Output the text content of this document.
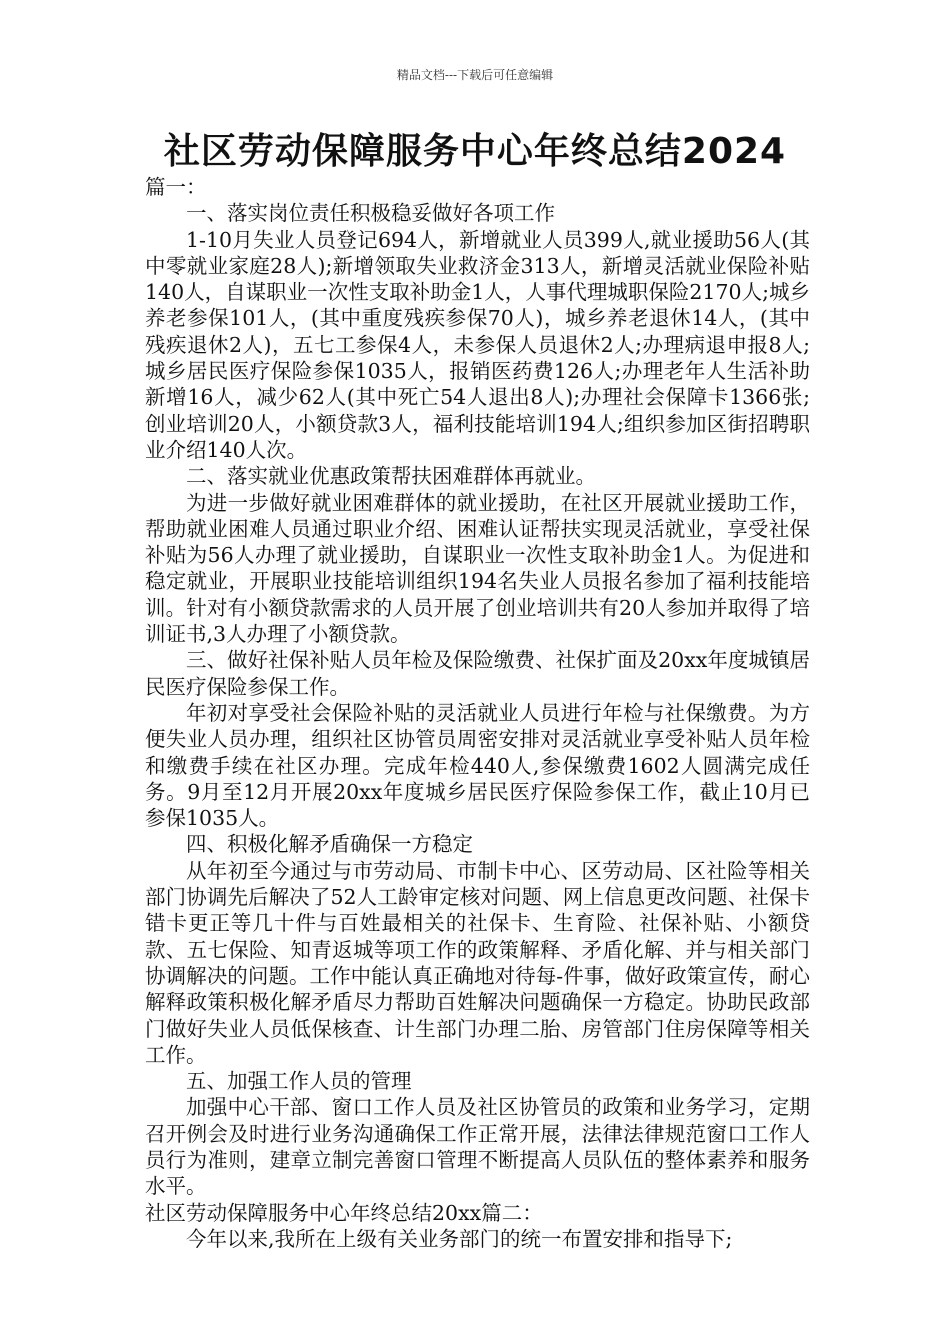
精品文档---下载后可任意编辑
社区劳动保障服务中心年终总结2024

篇一：

一、落实岗位责任积极稳妥做好各项工作

1-10月失业人员登记694人，新增就业人员399人,就业援助56人(其中零就业家庭28人);新增领取失业救济金313人，新增灵活就业保险补贴140人，自谋职业一次性支取补助金1人，人事代理城职保险2170人;城乡养老参保101人，(其中重度残疾参保70人)，城乡养老退休14人，(其中残疾退休2人)，五七工参保4人，未参保人员退休2人;办理病退申报8人;城乡居民医疗保险参保1035人，报销医药费126人;办理老年人生活补助新增16人，减少62人(其中死亡54人退出8人);办理社会保障卡1366张;创业培训20人，小额贷款3人，福利技能培训194人;组织参加区街招聘职业介绍140人次。

二、落实就业优惠政策帮扶困难群体再就业。

为进一步做好就业困难群体的就业援助，在社区开展就业援助工作，帮助就业困难人员通过职业介绍、困难认证帮扶实现灵活就业，享受社保补贴为56人办理了就业援助，自谋职业一次性支取补助金1人。为促进和稳定就业，开展职业技能培训组织194名失业人员报名参加了福利技能培训。针对有小额贷款需求的人员开展了创业培训共有20人参加并取得了培训证书,3人办理了小额贷款。

三、做好社保补贴人员年检及保险缴费、社保扩面及20xx年度城镇居民医疗保险参保工作。

年初对享受社会保险补贴的灵活就业人员进行年检与社保缴费。为方便失业人员办理，组织社区协管员周密安排对灵活就业享受补贴人员年检和缴费手续在社区办理。完成年检440人,参保缴费1602人圆满完成任务。9月至12月开展20xx年度城乡居民医疗保险参保工作，截止10月已参保1035人。

四、积极化解矛盾确保一方稳定

从年初至今通过与市劳动局、市制卡中心、区劳动局、区社险等相关部门协调先后解决了52人工龄审定核对问题、网上信息更改问题、社保卡错卡更正等几十件与百姓最相关的社保卡、生育险、社保补贴、小额贷款、五七保险、知青返城等项工作的政策解释、矛盾化解、并与相关部门协调解决的问题。工作中能认真正确地对待每-件事，做好政策宣传，耐心解释政策积极化解矛盾尽力帮助百姓解决问题确保一方稳定。协助民政部门做好失业人员低保核查、计生部门办理二胎、房管部门住房保障等相关工作。

五、加强工作人员的管理

加强中心干部、窗口工作人员及社区协管员的政策和业务学习，定期召开例会及时进行业务沟通确保工作正常开展，法律法律规范窗口工作人员行为准则，建章立制完善窗口管理不断提高人员队伍的整体素养和服务水平。

社区劳动保障服务中心年终总结20xx篇二：

今年以来,我所在上级有关业务部门的统一布置安排和指导下;
